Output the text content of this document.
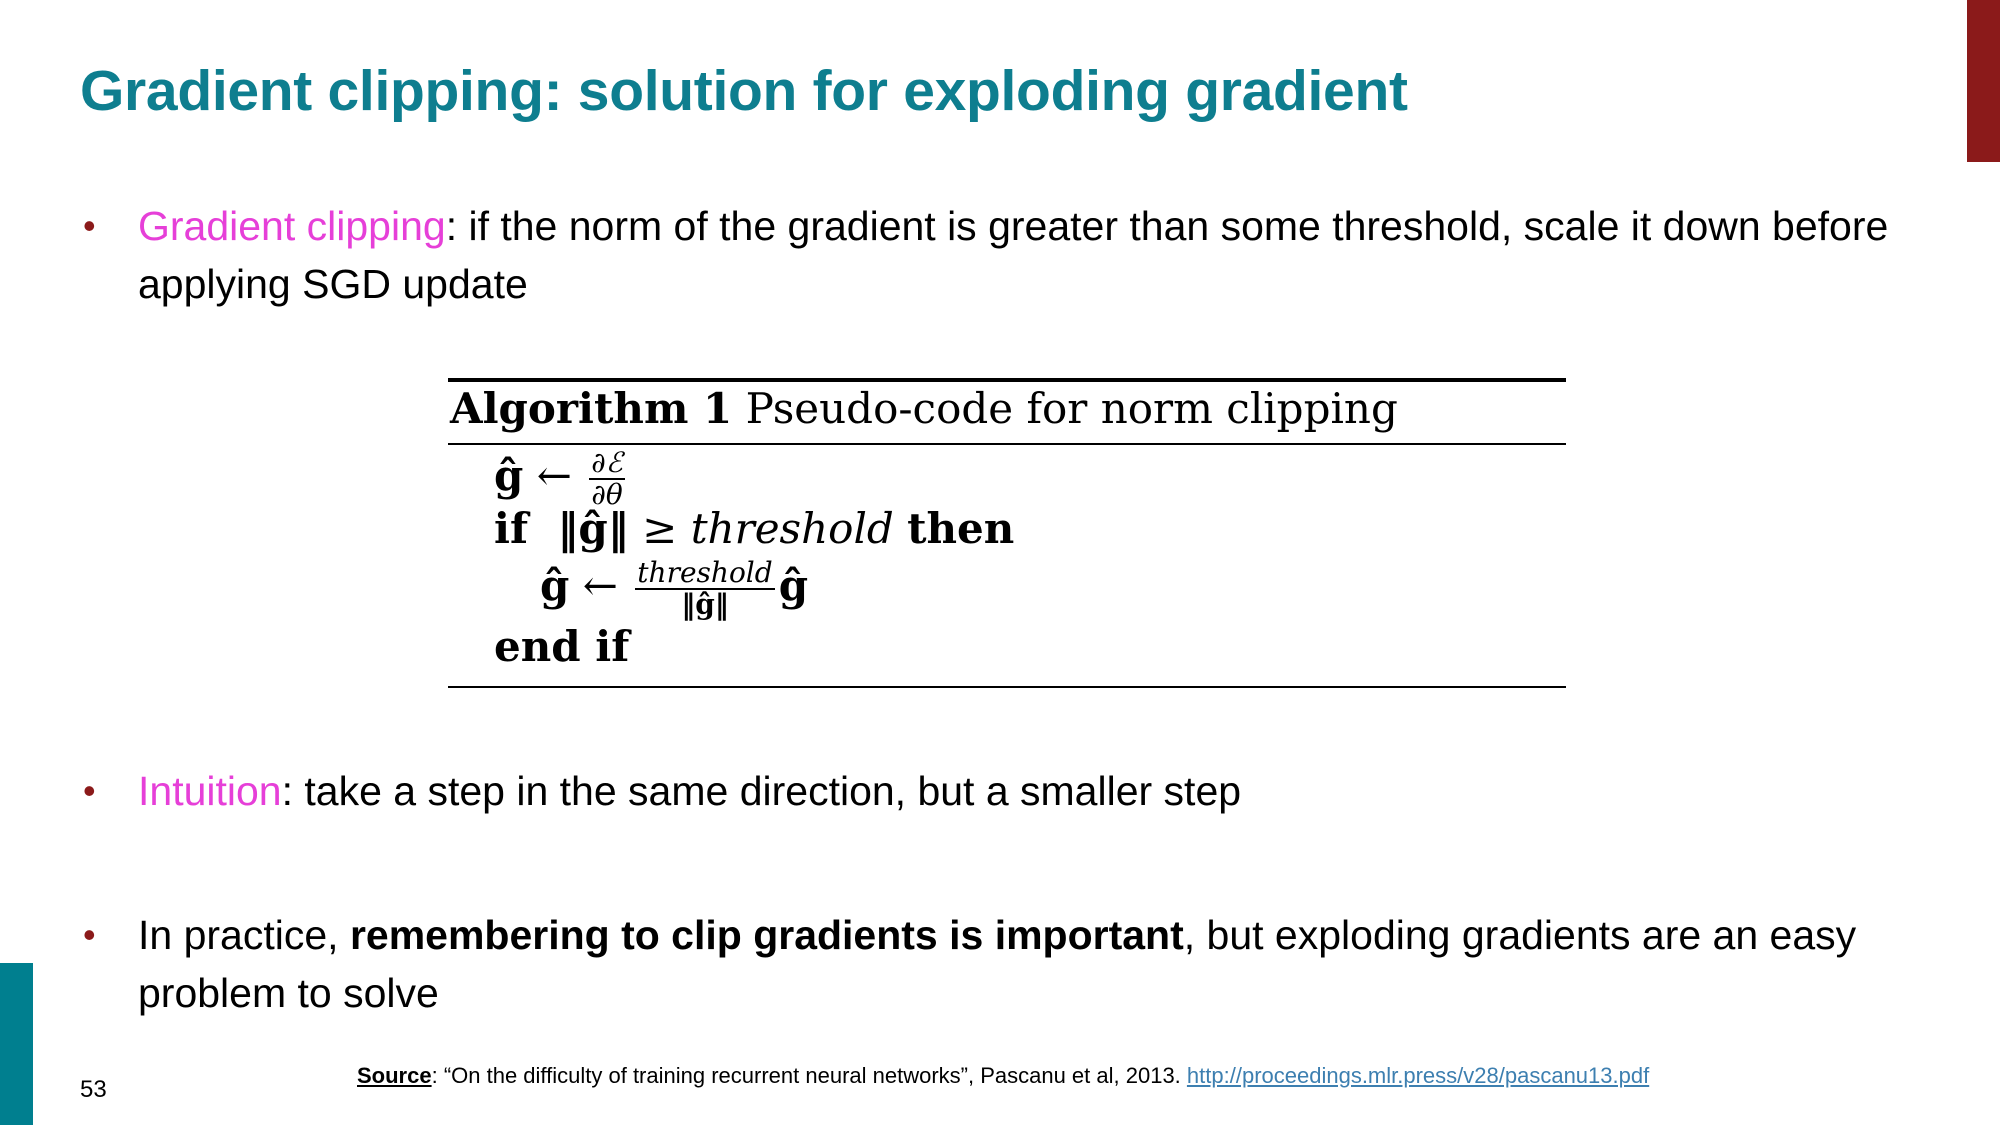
Gradient clipping: solution for exploding gradient
• Gradient clipping: if the norm of the gradient is greater than some threshold, scale it down before applying SGD update
Algorithm 1 Pseudo-code for norm clipping
ĝ ← $\frac{\text{∂ℰ}}{\partial\theta}$
if ‖ĝ‖ ≥ threshold then
ĝ ← $\frac{\text{threshold}}{‖ĝ‖}$ ĝ
end if
• Intuition: take a step in the same direction, but a smaller step
• In practice, remembering to clip gradients is important, but exploding gradients are an easy problem to solve
53
Source: “On the difficulty of training recurrent neural networks”, Pascanu et al, 2013. http://proceedings.mlr.press/v28/pascanu13.pdf
